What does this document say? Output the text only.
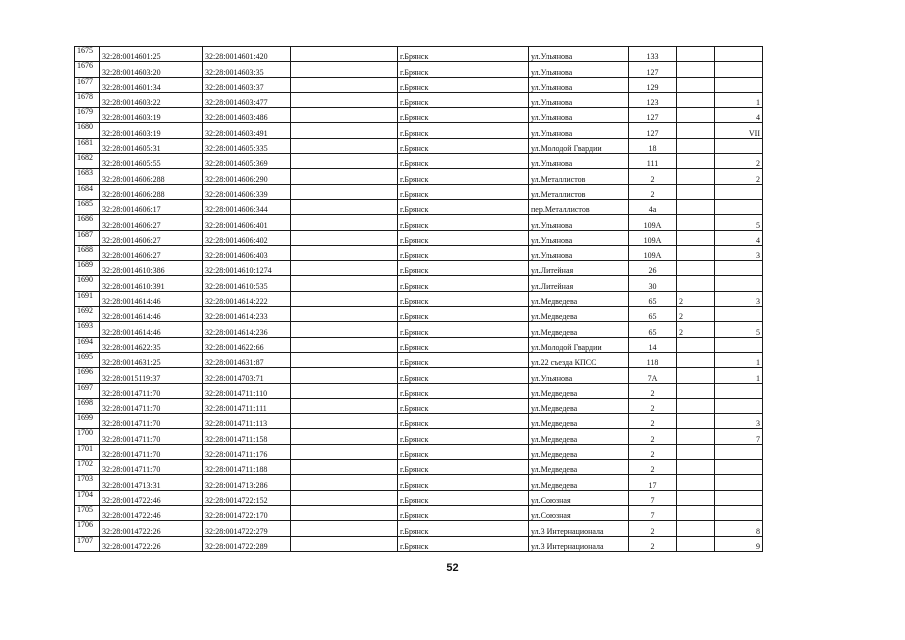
1675	32:28:0014601:25	32:28:0014601:420		г.Брянск	ул.Ульянова	133		
1676	32:28:0014603:20	32:28:0014603:35		г.Брянск	ул.Ульянова	127		
1677	32:28:0014601:34	32:28:0014603:37		г.Брянск	ул.Ульянова	129		
1678	32:28:0014603:22	32:28:0014603:477		г.Брянск	ул.Ульянова	123		1
1679	32:28:0014603:19	32:28:0014603:486		г.Брянск	ул.Ульянова	127		4
1680	32:28:0014603:19	32:28:0014603:491		г.Брянск	ул.Ульянова	127		VII
1681	32:28:0014605:31	32:28:0014605:335		г.Брянск	ул.Молодой Гвардии	18		
1682	32:28:0014605:55	32:28:0014605:369		г.Брянск	ул.Ульянова	111		2
1683	32:28:0014606:288	32:28:0014606:290		г.Брянск	ул.Металлистов	2		2
1684	32:28:0014606:288	32:28:0014606:339		г.Брянск	ул.Металлистов	2		
1685	32:28:0014606:17	32:28:0014606:344		г.Брянск	пер.Металлистов	4а		
1686	32:28:0014606:27	32:28:0014606:401		г.Брянск	ул.Ульянова	109А		5
1687	32:28:0014606:27	32:28:0014606:402		г.Брянск	ул.Ульянова	109А		4
1688	32:28:0014606:27	32:28:0014606:403		г.Брянск	ул.Ульянова	109А		3
1689	32:28:0014610:386	32:28:0014610:1274		г.Брянск	ул.Литейная	26		
1690	32:28:0014610:391	32:28:0014610:535		г.Брянск	ул.Литейная	30		
1691	32:28:0014614:46	32:28:0014614:222		г.Брянск	ул.Медведева	65	2	3
1692	32:28:0014614:46	32:28:0014614:233		г.Брянск	ул.Медведева	65	2	
1693	32:28:0014614:46	32:28:0014614:236		г.Брянск	ул.Медведева	65	2	5
1694	32:28:0014622:35	32:28:0014622:66		г.Брянск	ул.Молодой Гвардии	14		
1695	32:28:0014631:25	32:28:0014631:87		г.Брянск	ул.22 съезда КПСС	118		1
1696	32:28:0015119:37	32:28:0014703:71		г.Брянск	ул.Ульянова	7А		1
1697	32:28:0014711:70	32:28:0014711:110		г.Брянск	ул.Медведева	2		
1698	32:28:0014711:70	32:28:0014711:111		г.Брянск	ул.Медведева	2		
1699	32:28:0014711:70	32:28:0014711:113		г.Брянск	ул.Медведева	2		3
1700	32:28:0014711:70	32:28:0014711:158		г.Брянск	ул.Медведева	2		7
1701	32:28:0014711:70	32:28:0014711:176		г.Брянск	ул.Медведева	2		
1702	32:28:0014711:70	32:28:0014711:188		г.Брянск	ул.Медведева	2		
1703	32:28:0014713:31	32:28:0014713:286		г.Брянск	ул.Медведева	17		
1704	32:28:0014722:46	32:28:0014722:152		г.Брянск	ул.Союзная	7		
1705	32:28:0014722:46	32:28:0014722:170		г.Брянск	ул.Союзная	7		
1706	32:28:0014722:26	32:28:0014722:279		г.Брянск	ул.3 Интернационала	2		8
1707	32:28:0014722:26	32:28:0014722:289		г.Брянск	ул.3 Интернационала	2		9
52
